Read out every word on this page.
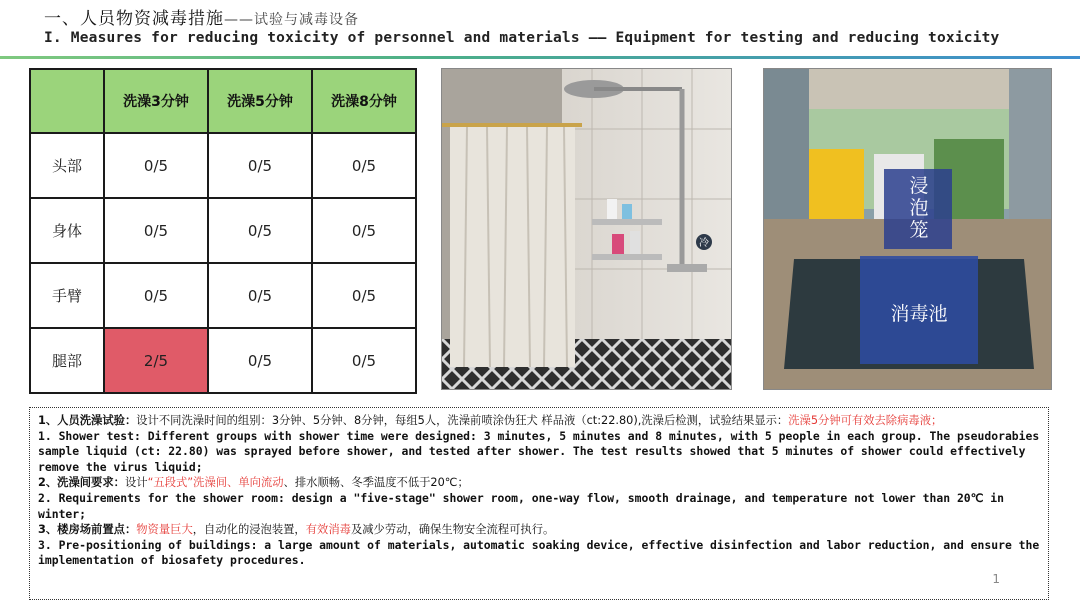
一、人员物资减毒措施——试验与减毒设备
I. Measures for reducing toxicity of personnel and materials —— Equipment for testing and reducing toxicity
	洗澡3分钟	洗澡5分钟	洗澡8分钟
头部	0/5	0/5	0/5
身体	0/5	0/5	0/5
手臂	0/5	0/5	0/5
腿部	2/5	0/5	0/5
冷
浸泡笼
消毒池
1、人员洗澡试验：设计不同洗澡时间的组别：3分钟、5分钟、8分钟，每组5人，洗澡前喷涂伪狂犬 样品液（ct:22.80),洗澡后检测，试验结果显示：洗澡5分钟可有效去除病毒液；
1. Shower test: Different groups with shower time were designed: 3 minutes, 5 minutes and 8 minutes, with 5 people in each group. The pseudorabies sample liquid (ct: 22.80) was sprayed before shower, and tested after shower. The test results showed that 5 minutes of shower could effectively remove the virus liquid;
2、洗澡间要求：设计“五段式”洗澡间、单向流动、排水顺畅、冬季温度不低于20℃；
2. Requirements for the shower room: design a "five-stage" shower room, one-way flow, smooth drainage, and temperature not lower than 20℃ in winter;
3、楼房场前置点：物资量巨大，自动化的浸泡装置，有效消毒及减少劳动，确保生物安全流程可执行。
3. Pre-positioning of buildings: a large amount of materials, automatic soaking device, effective disinfection and labor reduction, and ensure the implementation of biosafety procedures.
1
